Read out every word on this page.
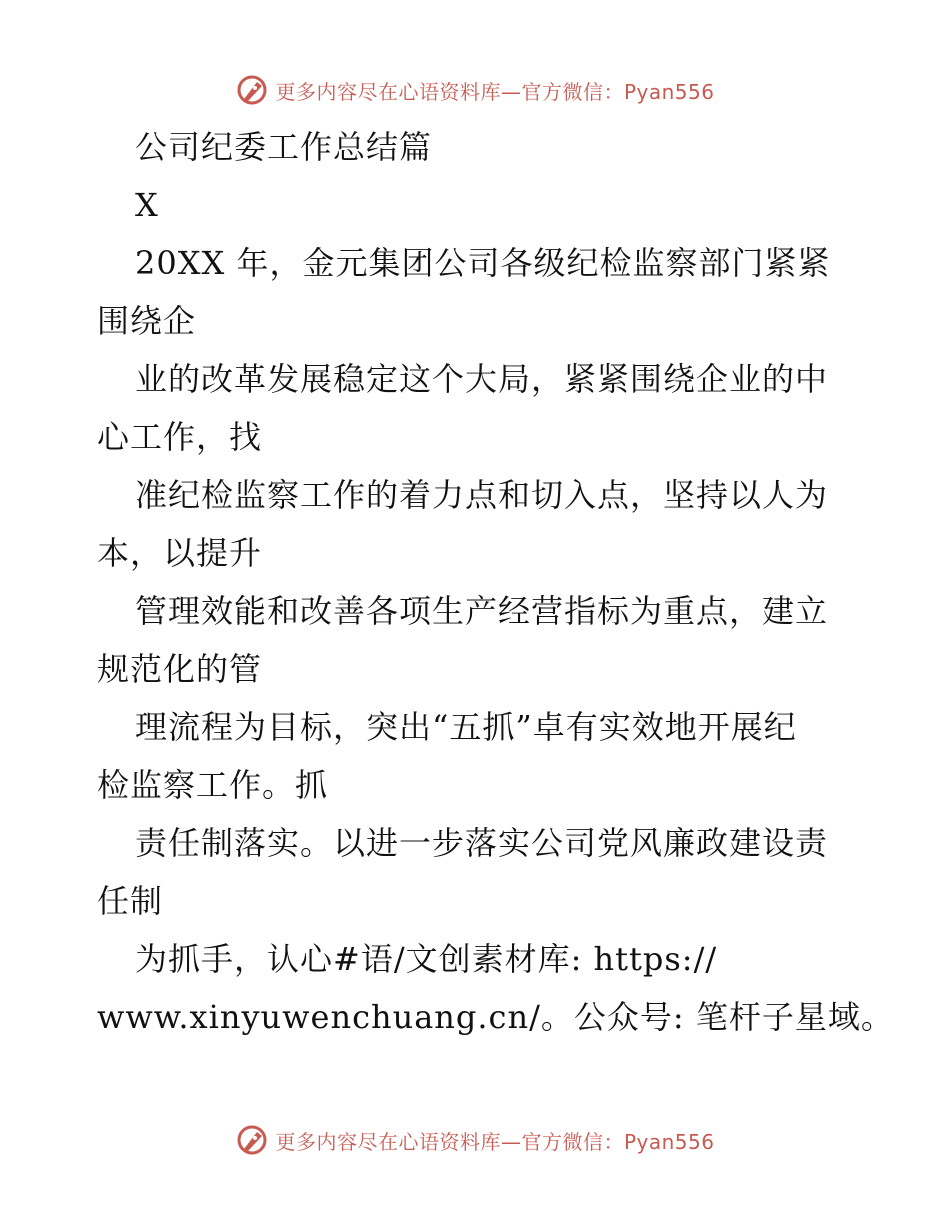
更多内容尽在心语资料库—官方微信：Pyan556
公司纪委工作总结篇
X
20XX 年，金元集团公司各级纪检监察部门紧紧
围绕企
业的改革发展稳定这个大局，紧紧围绕企业的中
心工作，找
准纪检监察工作的着力点和切入点，坚持以人为
本，以提升
管理效能和改善各项生产经营指标为重点，建立
规范化的管
理流程为目标，突出“五抓”卓有实效地开展纪
检监察工作。抓
责任制落实。以进一步落实公司党风廉政建设责
任制
为抓手，认心#语/文创素材库: https://
www.xinyuwenchuang.cn/。公众号: 笔杆子星域。
更多内容尽在心语资料库—官方微信：Pyan556
